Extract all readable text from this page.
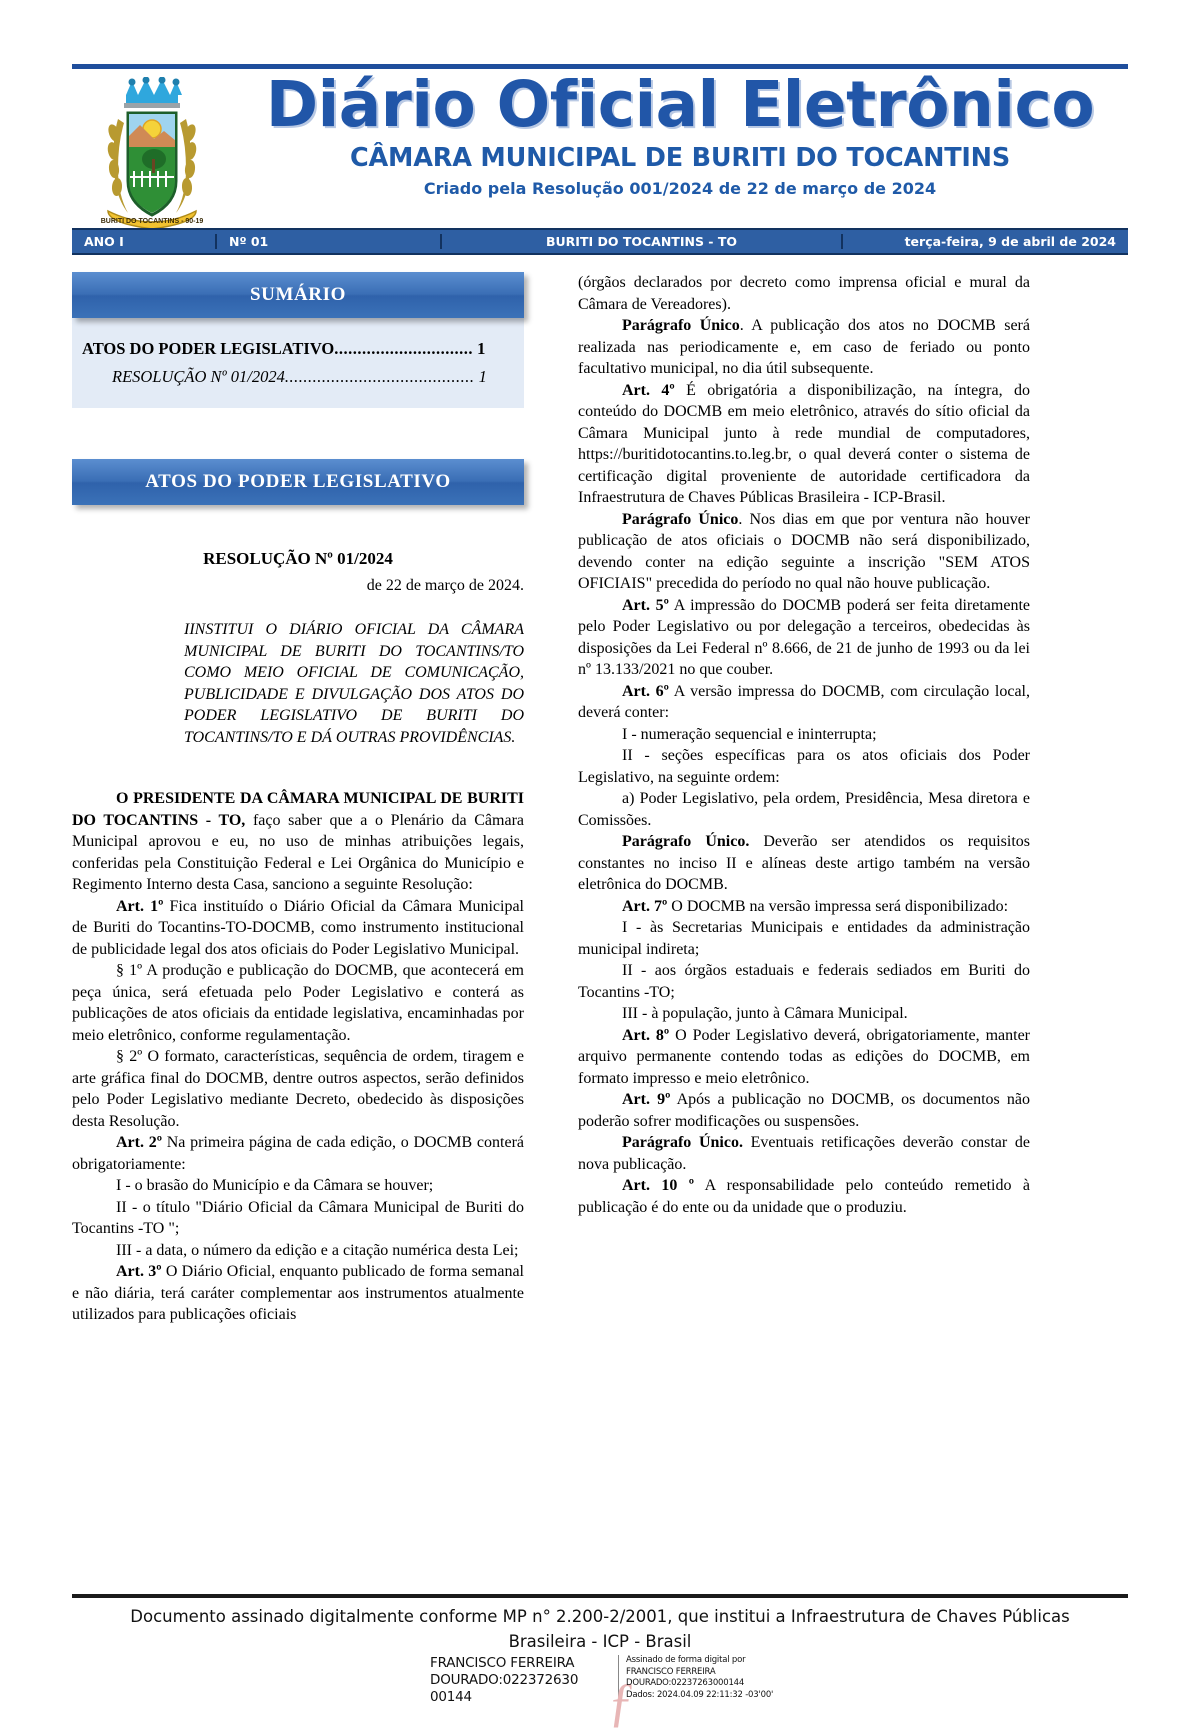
BURITI DO TOCANTINS - 90-19
Diário Oficial Eletrônico
CÂMARA MUNICIPAL DE BURITI DO TOCANTINS
Criado pela Resolução 001/2024 de 22 de março de 2024
ANO I	Nº 01	BURITI DO TOCANTINS - TO	terça-feira, 9 de abril de 2024
SUMÁRIO
ATOS DO PODER LEGISLATIVO.............................. 1
RESOLUÇÃO Nº 01/2024......................................... 1
ATOS DO PODER LEGISLATIVO
RESOLUÇÃO Nº 01/2024
de 22 de março de 2024.
IINSTITUI O DIÁRIO OFICIAL DA CÂMARA MUNICIPAL DE BURITI DO TOCANTINS/TO COMO MEIO OFICIAL DE COMUNICAÇÃO, PUBLICIDADE E DIVULGAÇÃO DOS ATOS DO PODER LEGISLATIVO DE BURITI DO TOCANTINS/TO E DÁ OUTRAS PROVIDÊNCIAS.

O PRESIDENTE DA CÂMARA MUNICIPAL DE BURITI DO TOCANTINS - TO, faço saber que a o Plenário da Câmara Municipal aprovou e eu, no uso de minhas atribuições legais, conferidas pela Constituição Federal e Lei Orgânica do Município e Regimento Interno desta Casa, sanciono a seguinte Resolução:

Art. 1º Fica instituído o Diário Oficial da Câmara Municipal de Buriti do Tocantins-TO-DOCMB, como instrumento institucional de publicidade legal dos atos oficiais do Poder Legislativo Municipal.

§ 1º A produção e publicação do DOCMB, que acontecerá em peça única, será efetuada pelo Poder Legislativo e conterá as publicações de atos oficiais da entidade legislativa, encaminhadas por meio eletrônico, conforme regulamentação.

§ 2º O formato, características, sequência de ordem, tiragem e arte gráfica final do DOCMB, dentre outros aspectos, serão definidos pelo Poder Legislativo mediante Decreto, obedecido às disposições desta Resolução.

Art. 2º Na primeira página de cada edição, o DOCMB conterá obrigatoriamente:

I - o brasão do Município e da Câmara se houver;

II - o título "Diário Oficial da Câmara Municipal de Buriti do Tocantins -TO ";

III - a data, o número da edição e a citação numérica desta Lei;

Art. 3º O Diário Oficial, enquanto publicado de forma semanal e não diária, terá caráter complementar aos instrumentos atualmente utilizados para publicações oficiais

(órgãos declarados por decreto como imprensa oficial e mural da Câmara de Vereadores).

Parágrafo Único. A publicação dos atos no DOCMB será realizada nas periodicamente e, em caso de feriado ou ponto facultativo municipal, no dia útil subsequente.

Art. 4º É obrigatória a disponibilização, na íntegra, do conteúdo do DOCMB em meio eletrônico, através do sítio oficial da Câmara Municipal junto à rede mundial de computadores, https://buritidotocantins.to.leg.br, o qual deverá conter o sistema de certificação digital proveniente de autoridade certificadora da Infraestrutura de Chaves Públicas Brasileira - ICP-Brasil.

Parágrafo Único. Nos dias em que por ventura não houver publicação de atos oficiais o DOCMB não será disponibilizado, devendo conter na edição seguinte a inscrição "SEM ATOS OFICIAIS" precedida do período no qual não houve publicação.

Art. 5º A impressão do DOCMB poderá ser feita diretamente pelo Poder Legislativo ou por delegação a terceiros, obedecidas às disposições da Lei Federal nº 8.666, de 21 de junho de 1993 ou da lei nº 13.133/2021 no que couber.

Art. 6º A versão impressa do DOCMB, com circulação local, deverá conter:

I - numeração sequencial e ininterrupta;

II - seções específicas para os atos oficiais dos Poder Legislativo, na seguinte ordem:

a) Poder Legislativo, pela ordem, Presidência, Mesa diretora e Comissões.

Parágrafo Único. Deverão ser atendidos os requisitos constantes no inciso II e alíneas deste artigo também na versão eletrônica do DOCMB.

Art. 7º O DOCMB na versão impressa será disponibilizado:

I - às Secretarias Municipais e entidades da administração municipal indireta;

II - aos órgãos estaduais e federais sediados em Buriti do Tocantins -TO;

III - à população, junto à Câmara Municipal.

Art. 8º O Poder Legislativo deverá, obrigatoriamente, manter arquivo permanente contendo todas as edições do DOCMB, em formato impresso e meio eletrônico.

Art. 9º Após a publicação no DOCMB, os documentos não poderão sofrer modificações ou suspensões.

Parágrafo Único. Eventuais retificações deverão constar de nova publicação.

Art. 10 º A responsabilidade pelo conteúdo remetido à publicação é do ente ou da unidade que o produziu.

Documento assinado digitalmente conforme MP n° 2.200-2/2001, que institui a Infraestrutura de Chaves Públicas
Brasileira - ICP - Brasil
FRANCISCO FERREIRA
DOURADO:022372630
00144	ƒ
Assinado de forma digital por
FRANCISCO FERREIRA
DOURADO:02237263000144
Dados: 2024.04.09 22:11:32 -03'00'
